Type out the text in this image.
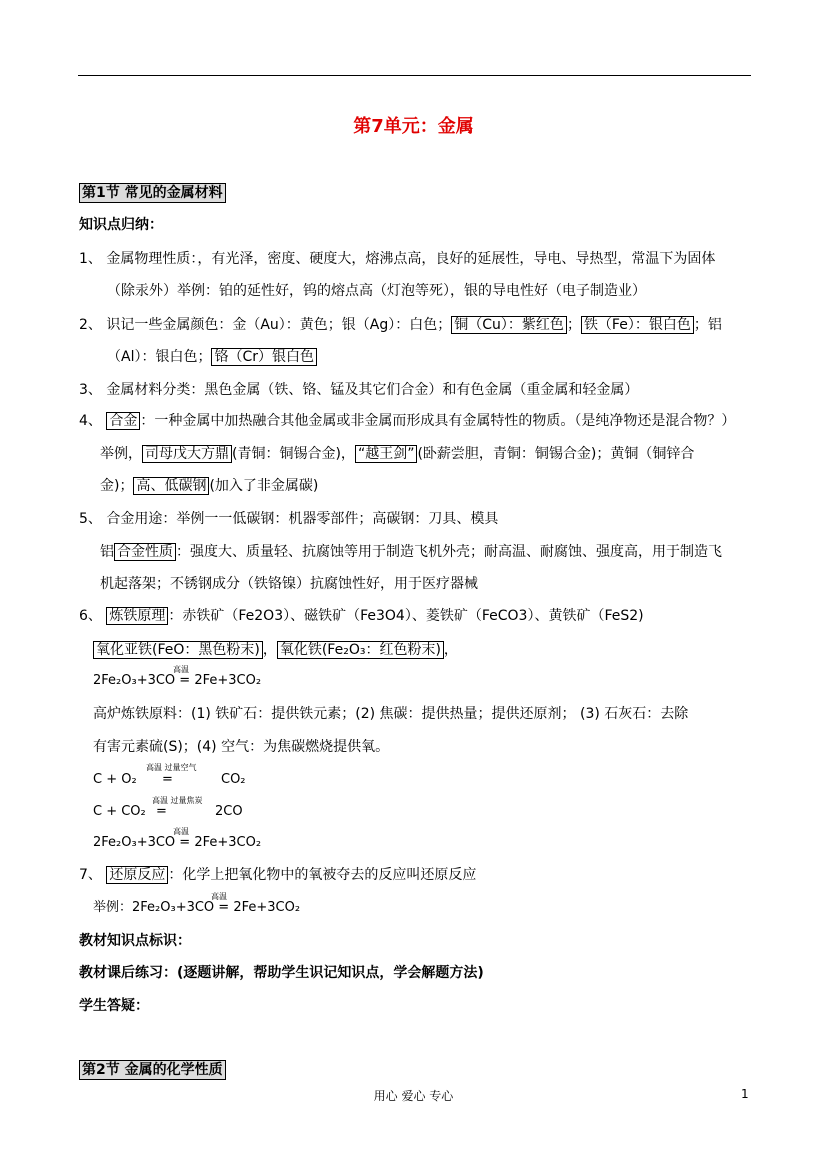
第7单元：金属
第1节 常见的金属材料
知识点归纳：
1、 金属物理性质：，有光泽，密度、硬度大，熔沸点高，良好的延展性，导电、导热型，常温下为固体
（除汞外）举例：铂的延性好，钨的熔点高（灯泡等死），银的导电性好（电子制造业）
2、 识记一些金属颜色：金（Au）：黄色；银（Ag）：白色； 铜（Cu）：紫红色 ； 铁（Fe）：银白色 ；铝
（Al）：银白色； 铬（Cr）银白色
3、 金属材料分类：黑色金属（铁、铬、锰及其它们合金）和有色金属（重金属和轻金属）
4、 合金 ：一种金属中加热融合其他金属或非金属而形成具有金属特性的物质。（是纯净物还是混合物？）
举例， 司母戊大方鼎 (青铜：铜锡合金)， “越王剑” (卧薪尝胆，青铜：铜锡合金)；黄铜（铜锌合
金)； 高、低碳钢 (加入了非金属碳)
5、 合金用途：举例一一低碳钢：机器零部件；高碳钢：刀具、模具
铝 合金性质 ：强度大、质量轻、抗腐蚀等用于制造飞机外壳；耐高温、耐腐蚀、强度高，用于制造飞
机起落架；不锈钢成分（铁铬镍）抗腐蚀性好，用于医疗器械
6、 炼铁原理 ：赤铁矿（Fe2O3）、磁铁矿（Fe3O4）、菱铁矿（FeCO3）、黄铁矿（FeS2)
氧化亚铁(FeO：黑色粉末) ， 氧化铁(Fe₂O₃：红色粉末) ，
高温
2Fe₂O₃+3CO = 2Fe+3CO₂
高炉炼铁原料：(1) 铁矿石：提供铁元素；(2) 焦碳：提供热量；提供还原剂； (3) 石灰石：去除
有害元素硫(S)；(4) 空气：为焦碳燃烧提供氧。
高温 过量空气
C + O₂ =	CO₂
高温 过量焦炭
C + CO₂ =	2CO
高温
2Fe₂O₃+3CO = 2Fe+3CO₂
7、 还原反应 ：化学上把氧化物中的氧被夺去的反应叫还原反应
高温
举例：2Fe₂O₃+3CO = 2Fe+3CO₂
教材知识点标识：
教材课后练习：(逐题讲解，帮助学生识记知识点，学会解题方法)
学生答疑：
第2节 金属的化学性质
用心 爱心 专心	1
